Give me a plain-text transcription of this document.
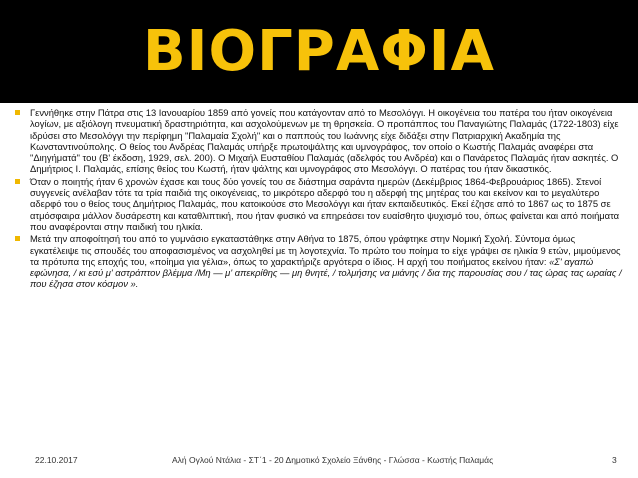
ΒΙΟΓΡΑΦΙΑ

Γεννήθηκε στην Πάτρα στις 13 Ιανουαρίου 1859 από γονείς που κατάγονταν από το Μεσολόγγι. Η οικογένεια του πατέρα του ήταν οικογένεια λογίων, με αξιόλογη πνευματική δραστηριότητα, και ασχολούμενων με τη θρησκεία. Ο προπάππος του Παναγιώτης Παλαμάς (1722-1803) είχε ιδρύσει στο Μεσολόγγι την περίφημη "Παλαμαία Σχολή" και ο παππούς του Ιωάννης είχε διδάξει στην Πατριαρχική Ακαδημία της Κωνσταντινούπολης. Ο θείος του Ανδρέας Παλαμάς υπήρξε πρωτοψάλτης και υμνογράφος, τον οποίο ο Κωστής Παλαμάς αναφέρει στα "Διηγήματά" του (Β' έκδοση, 1929, σελ. 200). Ο Μιχαήλ Ευσταθίου Παλαμάς (αδελφός του Ανδρέα) και ο Πανάρετος Παλαμάς ήταν ασκητές. Ο Δημήτριος Ι. Παλαμάς, επίσης θείος του Κωστή, ήταν ψάλτης και υμνογράφος στο Μεσολόγγι. Ο πατέρας του ήταν δικαστικός.

Όταν ο ποιητής ήταν 6 χρονών έχασε και τους δύο γονείς του σε διάστημα σαράντα ημερών (Δεκέμβριος 1864-Φεβρουάριος 1865). Στενοί συγγενείς ανέλαβαν τότε τα τρία παιδιά της οικογένειας, το μικρότερο αδερφό του η αδερφή της μητέρας του και εκείνον και το μεγαλύτερο αδερφό του ο θείος τους Δημήτριος Παλαμάς, που κατοικούσε στο Μεσολόγγι και ήταν εκπαιδευτικός. Εκεί έζησε από το 1867 ως το 1875 σε ατμόσφαιρα μάλλον δυσάρεστη και καταθλιπτική, που ήταν φυσικό να επηρεάσει τον ευαίσθητο ψυχισμό του, όπως φαίνεται και από ποιήματα που αναφέρονται στην παιδική του ηλικία.

Μετά την αποφοίτησή του από το γυμνάσιο εγκαταστάθηκε στην Αθήνα το 1875, όπου γράφτηκε στην Νομική Σχολή. Σύντομα όμως εγκατέλειψε τις σπουδές του αποφασισμένος να ασχοληθεί με τη λογοτεχνία. Το πρώτο του ποίημα το είχε γράψει σε ηλικία 9 ετών, μιμούμενος τα πρότυπα της εποχής του, «ποίημα για γέλια», όπως το χαρακτήριζε αργότερα ο ίδιος. Η αρχή του ποιήματος εκείνου ήταν: «Σ' αγαπώ εφώνησα, / κι εσύ μ' αστράπτον βλέμμα /Μη — μ' απεκρίθης — μη θνητέ, / τολμήσης να μιάνης / δια της παρουσίας σου / τας ώρας τας ωραίας / που έζησα στον κόσμον ».

22.10.2017	Αλή Ογλού Ντάλια - ΣΤ΄1 - 20 Δημοτικό Σχολείο Ξάνθης - Γλώσσα - Κωστής Παλαμάς	3
